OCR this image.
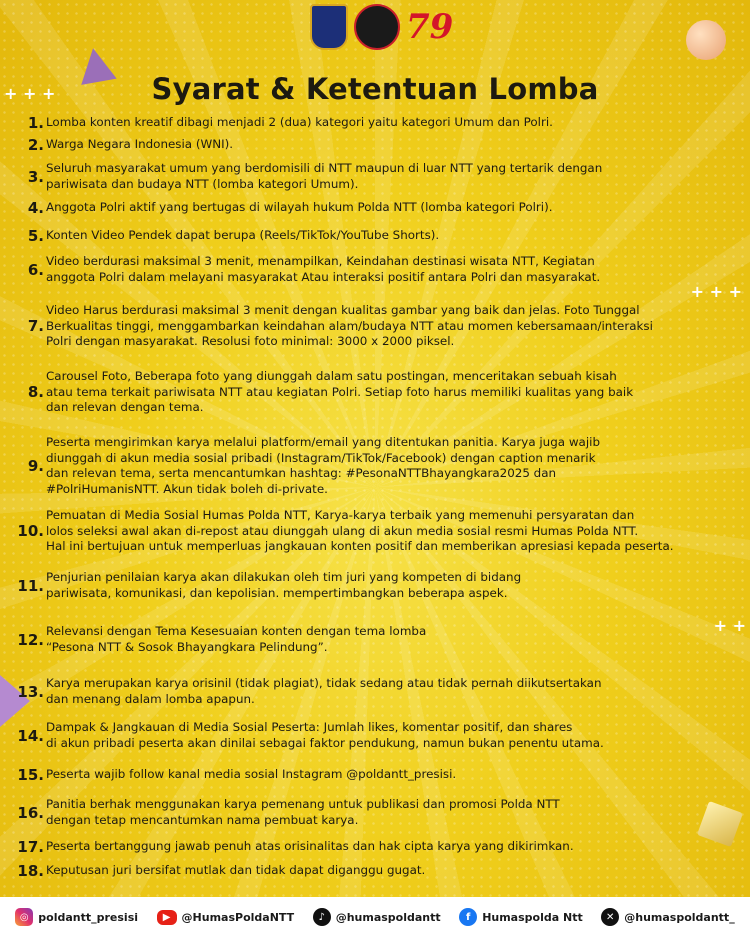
+ + +
+ + +
+ +
79
Syarat & Ketentuan Lomba
1. Lomba konten kreatif dibagi menjadi 2 (dua) kategori yaitu kategori Umum dan Polri.
2. Warga Negara Indonesia (WNI).
3. Seluruh masyarakat umum yang berdomisili di NTT maupun di luar NTT yang tertarik dengan
pariwisata dan budaya NTT (lomba kategori Umum).
4. Anggota Polri aktif yang bertugas di wilayah hukum Polda NTT (lomba kategori Polri).
5. Konten Video Pendek dapat berupa (Reels/TikTok/YouTube Shorts).
6. Video berdurasi maksimal 3 menit, menampilkan, Keindahan destinasi wisata NTT, Kegiatan
anggota Polri dalam melayani masyarakat Atau interaksi positif antara Polri dan masyarakat.
7.
Video Harus berdurasi maksimal 3 menit dengan kualitas gambar yang baik dan jelas. Foto Tunggal
Berkualitas tinggi, menggambarkan keindahan alam/budaya NTT atau momen kebersamaan/interaksi
Polri dengan masyarakat. Resolusi foto minimal: 3000 x 2000 piksel.
8.
Carousel Foto, Beberapa foto yang diunggah dalam satu postingan, menceritakan sebuah kisah
atau tema terkait pariwisata NTT atau kegiatan Polri. Setiap foto harus memiliki kualitas yang baik
dan relevan dengan tema.
9.
Peserta mengirimkan karya melalui platform/email yang ditentukan panitia. Karya juga wajib
diunggah di akun media sosial pribadi (Instagram/TikTok/Facebook) dengan caption menarik
dan relevan tema, serta mencantumkan hashtag: #PesonaNTTBhayangkara2025 dan
#PolriHumanisNTT. Akun tidak boleh di-private.
10.
Pemuatan di Media Sosial Humas Polda NTT, Karya-karya terbaik yang memenuhi persyaratan dan
lolos seleksi awal akan di-repost atau diunggah ulang di akun media sosial resmi Humas Polda NTT.
Hal ini bertujuan untuk memperluas jangkauan konten positif dan memberikan apresiasi kepada peserta.
11. Penjurian penilaian karya akan dilakukan oleh tim juri yang kompeten di bidang
pariwisata, komunikasi, dan kepolisian. mempertimbangkan beberapa aspek.
12. Relevansi dengan Tema Kesesuaian konten dengan tema lomba
“Pesona NTT & Sosok Bhayangkara Pelindung”.
13. Karya merupakan karya orisinil (tidak plagiat), tidak sedang atau tidak pernah diikutsertakan
dan menang dalam lomba apapun.
14. Dampak & Jangkauan di Media Sosial Peserta: Jumlah likes, komentar positif, dan shares
di akun pribadi peserta akan dinilai sebagai faktor pendukung, namun bukan penentu utama.
15. Peserta wajib follow kanal media sosial Instagram @poldantt_presisi.
16. Panitia berhak menggunakan karya pemenang untuk publikasi dan promosi Polda NTT
dengan tetap mencantumkan nama pembuat karya.
17. Peserta bertanggung jawab penuh atas orisinalitas dan hak cipta karya yang dikirimkan.
18. Keputusan juri bersifat mutlak dan tidak dapat diganggu gugat.
◎ poldantt_presisi	▶	@HumasPoldaNTT	♪ @humaspoldantt	f	Humaspolda Ntt	✕ @humaspoldantt_
